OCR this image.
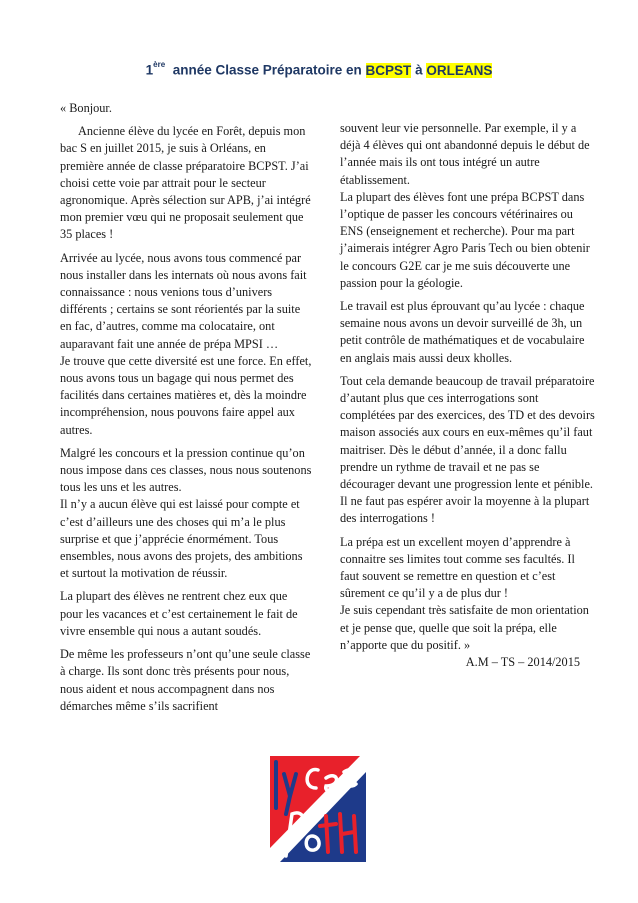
1ère année Classe Préparatoire en BCPST à ORLEANS

« Bonjour.

Ancienne élève du lycée en Forêt, depuis mon bac S en juillet 2015, je suis à Orléans, en première année de classe préparatoire BCPST. J’ai choisi cette voie par attrait pour le secteur agronomique. Après sélection sur APB, j’ai intégré mon premier vœu qui ne proposait seulement que 35 places !

Arrivée au lycée, nous avons tous commencé par nous installer dans les internats où nous avons fait connaissance : nous venions tous d’univers différents ; certains se sont réorientés par la suite en fac, d’autres, comme ma colocataire, ont auparavant fait une année de prépa MPSI …

Je trouve que cette diversité est une force. En effet, nous avons tous un bagage qui nous permet des facilités dans certaines matières et, dès la moindre incompréhension, nous pouvons faire appel aux autres.

Malgré les concours et la pression continue qu’on nous impose dans ces classes, nous nous soutenons tous les uns et les autres.

Il n’y a aucun élève qui est laissé pour compte et c’est d’ailleurs une des choses qui m’a le plus surprise et que j’apprécie énormément. Tous ensembles, nous avons des projets, des ambitions et surtout la motivation de réussir.

La plupart des élèves ne rentrent chez eux que pour les vacances et c’est certainement le fait de vivre ensemble qui nous a autant soudés.

De même les professeurs n’ont qu’une seule classe à charge. Ils sont donc très présents pour nous, nous aident et nous accompagnent dans nos démarches même s’ils sacrifient

souvent leur vie personnelle. Par exemple, il y a déjà 4 élèves qui ont abandonné depuis le début de l’année mais ils ont tous intégré un autre établissement.

La plupart des élèves font une prépa BCPST dans l’optique de passer les concours vétérinaires ou ENS (enseignement et recherche). Pour ma part j’aimerais intégrer Agro Paris Tech ou bien obtenir le concours G2E car je me suis découverte une passion pour la géologie.

Le travail est plus éprouvant qu’au lycée : chaque semaine nous avons un devoir surveillé de 3h, un petit contrôle de mathématiques et de vocabulaire en anglais mais aussi deux kholles.

Tout cela demande beaucoup de travail préparatoire d’autant plus que ces interrogations sont complétées par des exercices, des TD et des devoirs maison associés aux cours en eux-mêmes qu’il faut maitriser. Dès le début d’année, il a donc fallu prendre un rythme de travail et ne pas se décourager devant une progression lente et pénible.

Il ne faut pas espérer avoir la moyenne à la plupart des interrogations !

La prépa est un excellent moyen d’apprendre à connaitre ses limites tout comme ses facultés. Il faut souvent se remettre en question et c’est sûrement ce qu’il y a de plus dur !

Je suis cependant très satisfaite de mon orientation et je pense que, quelle que soit la prépa, elle n’apporte que du positif. »

A.M – TS – 2014/2015
